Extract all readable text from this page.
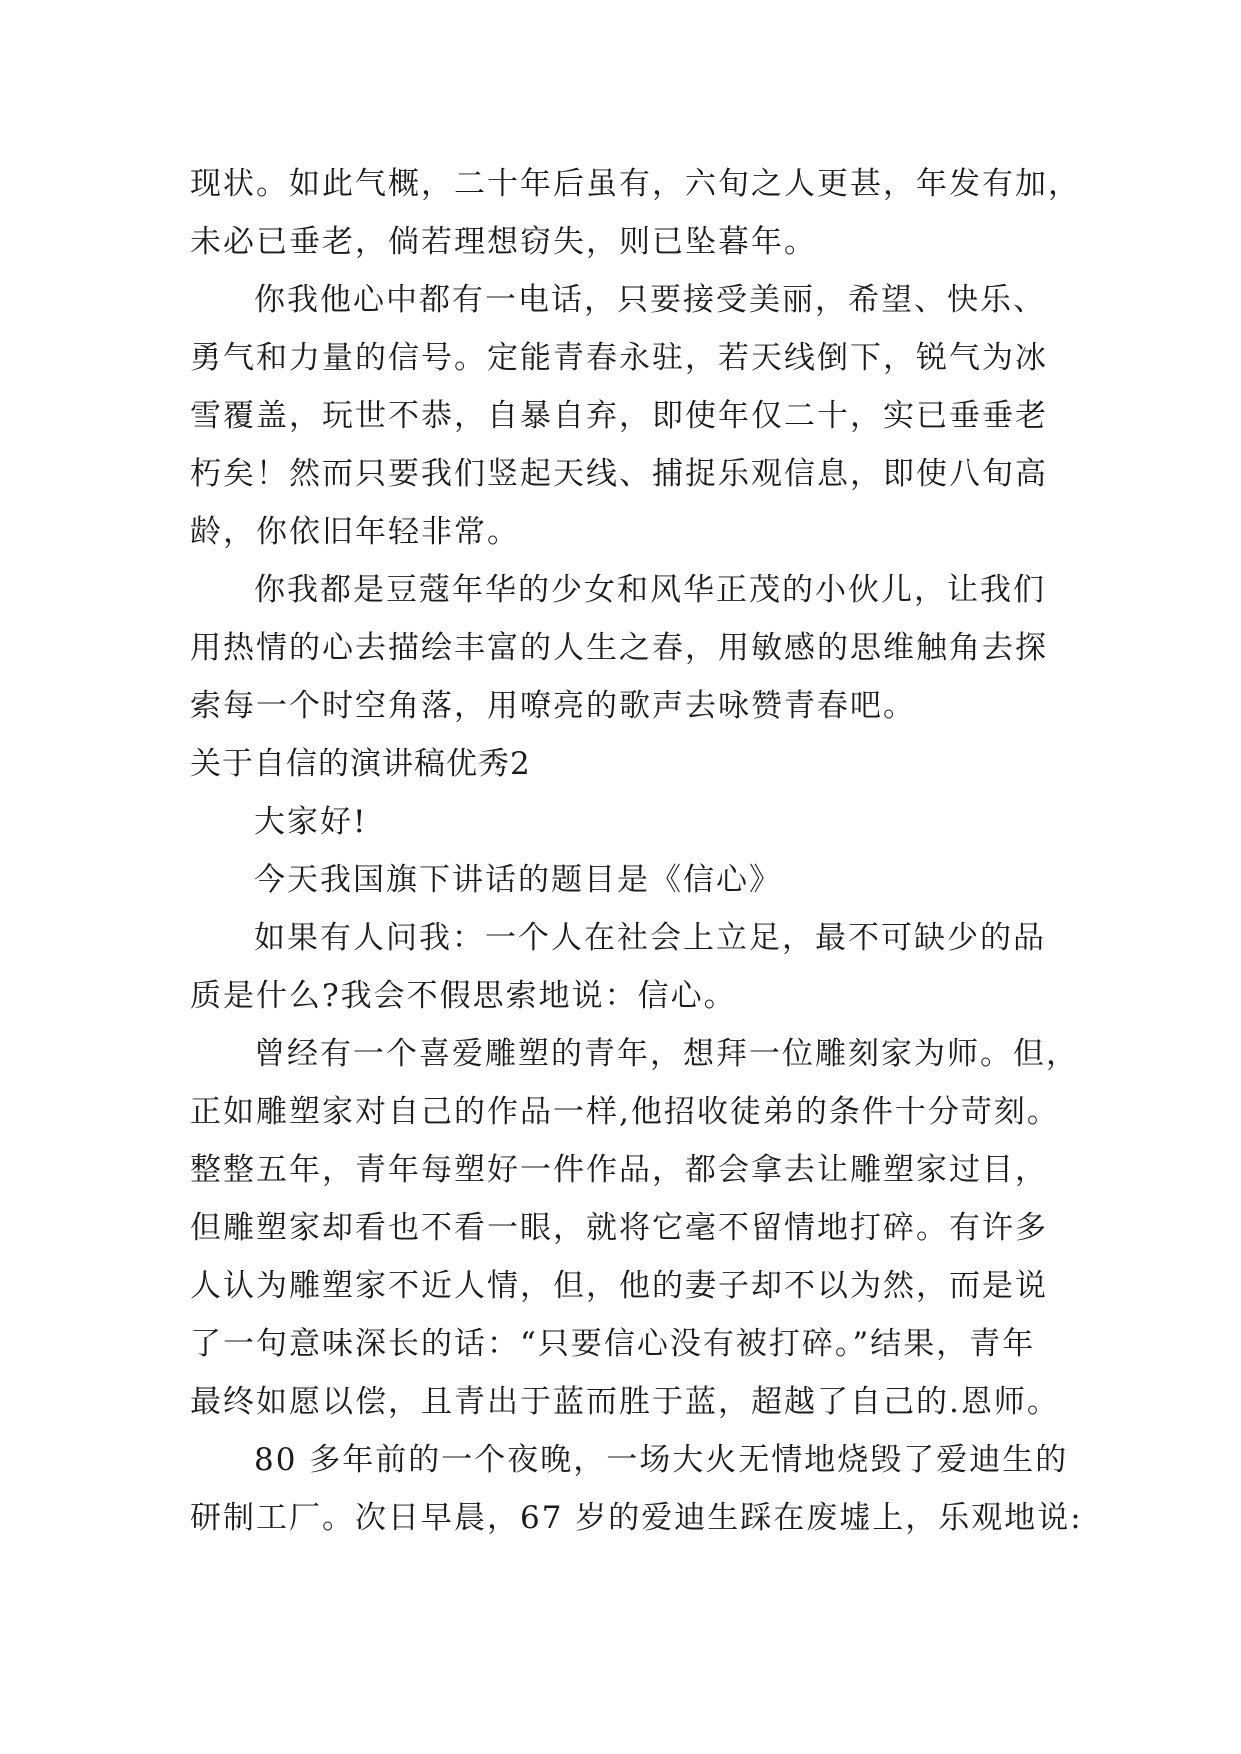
现状。如此气概，二十年后虽有，六旬之人更甚，年发有加，
未必已垂老，倘若理想窃失，则已坠暮年。
你我他心中都有一电话，只要接受美丽，希望、快乐、
勇气和力量的信号。定能青春永驻，若天线倒下，锐气为冰
雪覆盖，玩世不恭，自暴自弃，即使年仅二十，实已垂垂老
朽矣！然而只要我们竖起天线、捕捉乐观信息，即使八旬高
龄，你依旧年轻非常。
你我都是豆蔻年华的少女和风华正茂的小伙儿，让我们
用热情的心去描绘丰富的人生之春，用敏感的思维触角去探
索每一个时空角落，用嘹亮的歌声去咏赞青春吧。
关于自信的演讲稿优秀2
大家好!
今天我国旗下讲话的题目是《信心》
如果有人问我：一个人在社会上立足，最不可缺少的品
质是什么?我会不假思索地说：信心。
曾经有一个喜爱雕塑的青年，想拜一位雕刻家为师。但，
正如雕塑家对自己的作品一样,他招收徒弟的条件十分苛刻。
整整五年，青年每塑好一件作品，都会拿去让雕塑家过目，
但雕塑家却看也不看一眼，就将它毫不留情地打碎。有许多
人认为雕塑家不近人情，但，他的妻子却不以为然，而是说
了一句意味深长的话：“只要信心没有被打碎。”结果，青年
最终如愿以偿，且青出于蓝而胜于蓝，超越了自己的.恩师。
80 多年前的一个夜晚，一场大火无情地烧毁了爱迪生的
研制工厂。次日早晨，67 岁的爱迪生踩在废墟上，乐观地说:
